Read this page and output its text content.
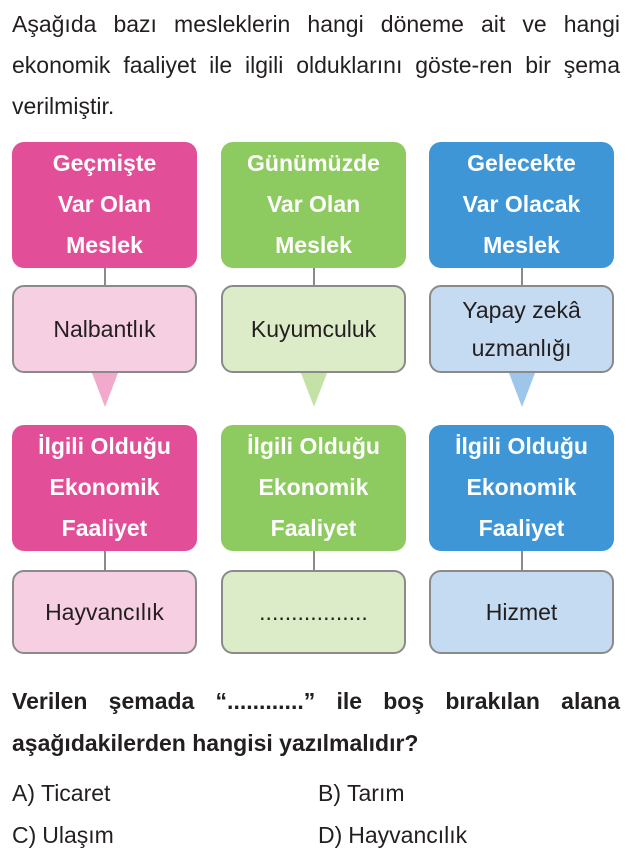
Aşağıda bazı mesleklerin hangi döneme ait ve hangi ekonomik faaliyet ile ilgili olduklarını göste-ren bir şema verilmiştir.

Geçmişte
Var Olan
Meslek
Nalbantlık
İlgili Olduğu
Ekonomik
Faaliyet
Hayvancılık
Günümüzde
Var Olan
Meslek
Kuyumculuk
İlgili Olduğu
Ekonomik
Faaliyet
.................
Gelecekte
Var Olacak
Meslek
Yapay zekâ
uzmanlığı
İlgili Olduğu
Ekonomik
Faaliyet
Hizmet

Verilen şemada “............” ile boş bırakılan alana aşağıdakilerden hangisi yazılmalıdır?

A) Ticaret	B) Tarım
C) Ulaşım	D) Hayvancılık
